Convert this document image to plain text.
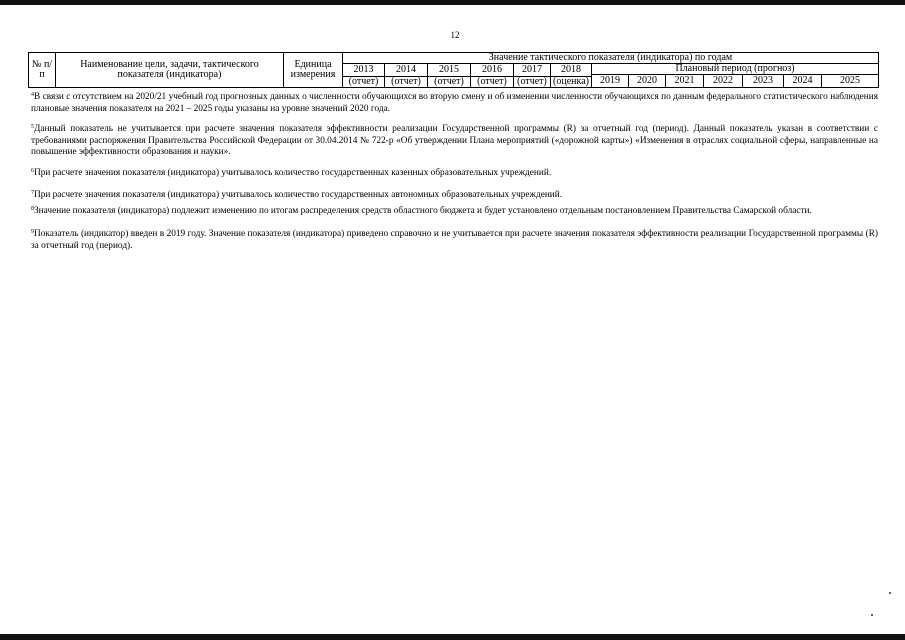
12
№ п/п	Наименование цели, задачи, тактического показателя (индикатора)	Единица измерения	Значение тактического показателя (индикатора) по годам												
			2013	2014	2015	2016	2017	2018	Плановый период (прогноз)						
									2019	2020	2021	2022	2023	2024	2025
			(отчет)	(отчет)	(отчет)	(отчет)	(отчет)	(оценка)							

$^4$В связи с отсутствием на 2020/21 учебный год прогнозных данных о численности обучающихся во вторую смену и об изменении численности обучающихся по данным федерального статистического наблюдения плановые значения показателя на 2021 – 2025 годы указаны на уровне значений 2020 года.

$^5$Данный показатель не учитывается при расчете значения показателя эффективности реализации Государственной программы (R) за отчетный год (период). Данный показатель указан в соответствии с требованиями распоряжения Правительства Российской Федерации от 30.04.2014 № 722-р «Об утверждении Плана мероприятий («дорожной карты») «Изменения в отраслях социальной сферы, направленные на повышение эффективности образования и науки».

$^6$При расчете значения показателя (индикатора) учитывалось количество государственных казенных образовательных учреждений.

$^7$При расчете значения показателя (индикатора) учитывалось количество государственных автономных образовательных учреждений.

$^8$Значение показателя (индикатора) подлежит изменению по итогам распределения средств областного бюджета и будет установлено отдельным постановлением Правительства Самарской области.

$^9$Показатель (индикатор) введен в 2019 году. Значение показателя (индикатора) приведено справочно и не учитывается при расчете значения показателя эффективности реализации Государственной программы (R) за отчетный год (период).
